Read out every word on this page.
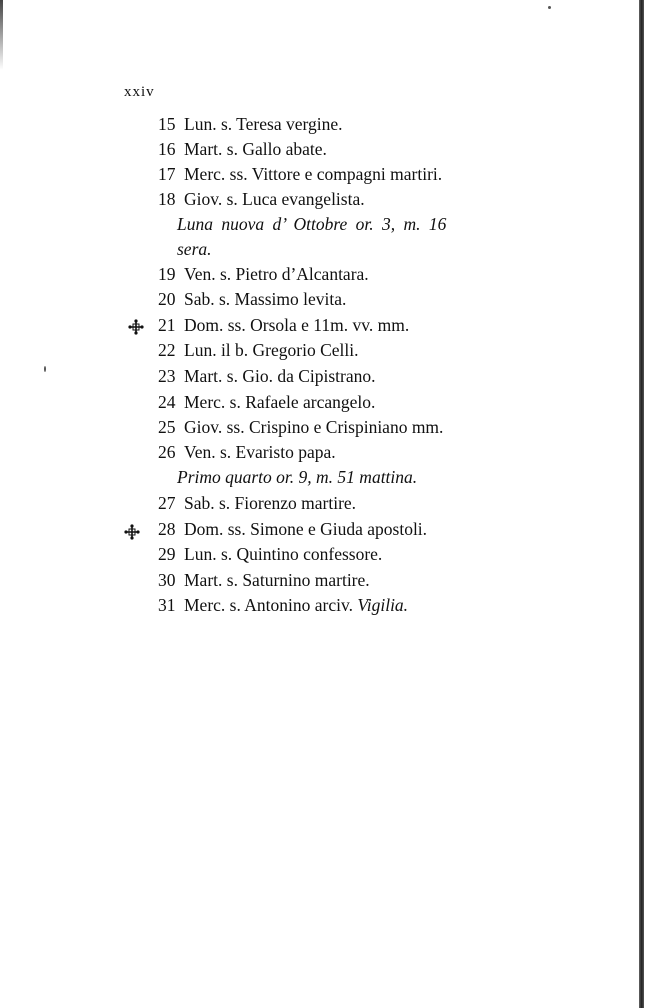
xxiv
15 Lun. s. Teresa vergine.
16 Mart. s. Gallo abate.
17 Merc. ss. Vittore e compagni martiri.
18 Giov. s. Luca evangelista.
Luna nuova d’ Ottobre or. 3, m. 16
sera.
19 Ven. s. Pietro d’Alcantara.
20 Sab. s. Massimo levita.
21 Dom. ss. Orsola e 11m. vv. mm.
22 Lun. il b. Gregorio Celli.
23 Mart. s. Gio. da Cipistrano.
24 Merc. s. Rafaele arcangelo.
25 Giov. ss. Crispino e Crispiniano mm.
26 Ven. s. Evaristo papa.
Primo quarto or. 9, m. 51 mattina.
27 Sab. s. Fiorenzo martire.
28 Dom. ss. Simone e Giuda apostoli.
29 Lun. s. Quintino confessore.
30 Mart. s. Saturnino martire.
31 Merc. s. Antonino arciv. Vigilia.
